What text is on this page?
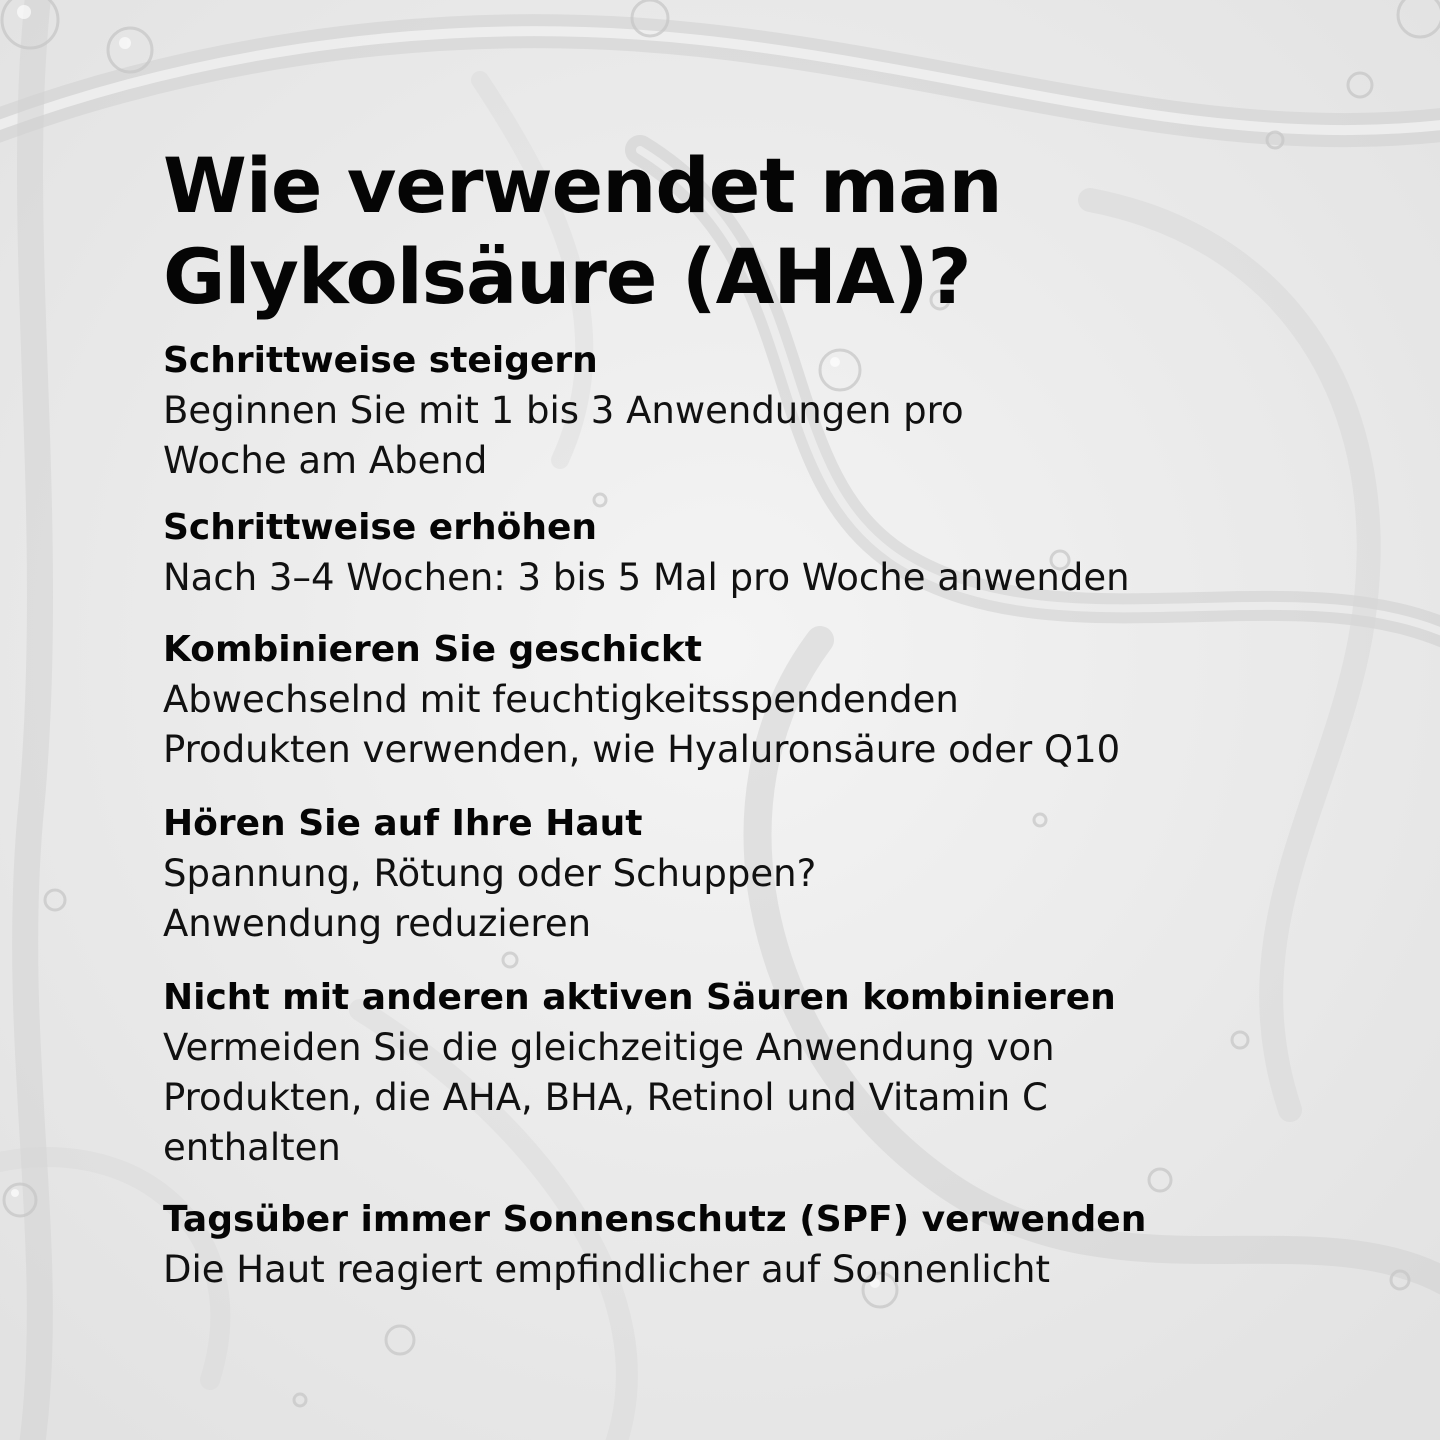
Wie verwendet man
Glykolsäure (AHA)?
Schrittweise steigern
Beginnen Sie mit 1 bis 3 Anwendungen pro
Woche am Abend
Schrittweise erhöhen
Nach 3–4 Wochen: 3 bis 5 Mal pro Woche anwenden
Kombinieren Sie geschickt
Abwechselnd mit feuchtigkeitsspendenden
Produkten verwenden, wie Hyaluronsäure oder Q10
Hören Sie auf Ihre Haut
Spannung, Rötung oder Schuppen?
Anwendung reduzieren
Nicht mit anderen aktiven Säuren kombinieren
Vermeiden Sie die gleichzeitige Anwendung von
Produkten, die AHA, BHA, Retinol und Vitamin C
enthalten
Tagsüber immer Sonnenschutz (SPF) verwenden
Die Haut reagiert empfindlicher auf Sonnenlicht
